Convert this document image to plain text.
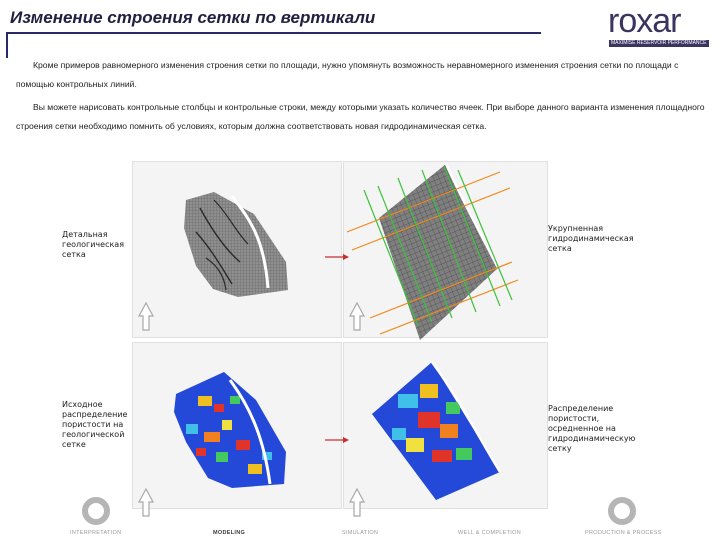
Изменение строения сетки по вертикали	roxar
MAXIMISE RESERVOIR PERFORMANCE
Кроме примеров равномерного изменения строения сетки по площади, нужно упомянуть возможность неравномерного изменения строения сетки по площади с помощью контрольных линий.
Вы можете нарисовать контрольные столбцы и контрольные строки, между которыми указать количество ячеек. При выборе данного варианта изменения площадного строения сетки необходимо помнить об условиях, которым должна соответствовать новая гидродинамическая сетка.
Детальная геологическая сетка
Укрупненная гидродинамическая сетка
Исходное распределение пористости на геологической сетке
Распределение пористости, осредненное на гидродинамическую сетку
INTERPRETATION	MODELING	SIMULATION	WELL & COMPLETION	PRODUCTION & PROCESS
